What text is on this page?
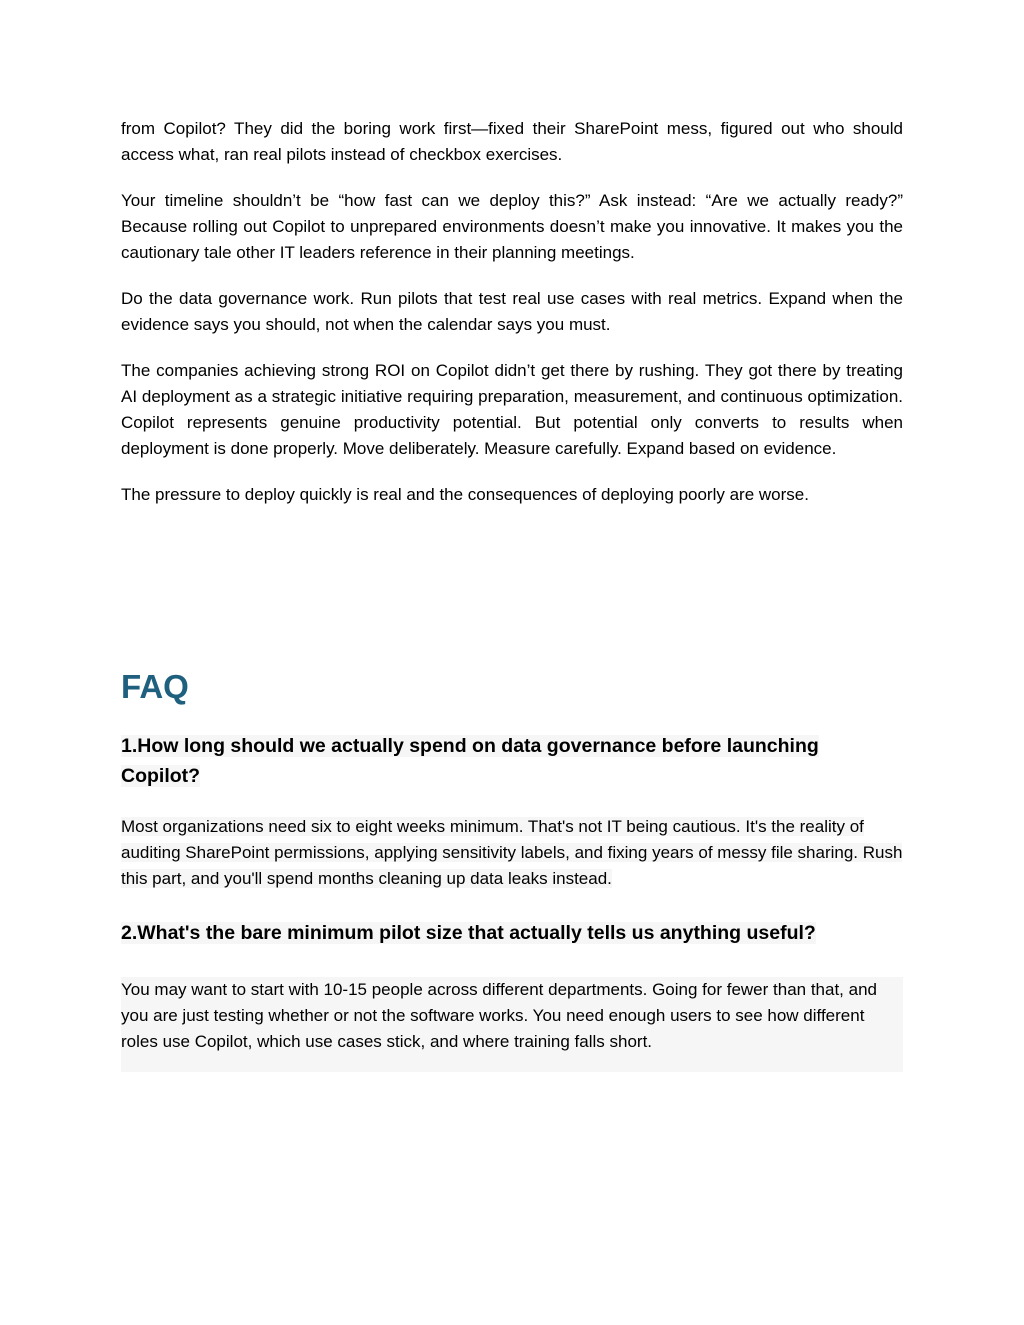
from Copilot? They did the boring work first—fixed their SharePoint mess, figured out who should access what, ran real pilots instead of checkbox exercises.

Your timeline shouldn’t be “how fast can we deploy this?” Ask instead: “Are we actually ready?” Because rolling out Copilot to unprepared environments doesn’t make you innovative. It makes you the cautionary tale other IT leaders reference in their planning meetings.

Do the data governance work. Run pilots that test real use cases with real metrics. Expand when the evidence says you should, not when the calendar says you must.

The companies achieving strong ROI on Copilot didn’t get there by rushing. They got there by treating AI deployment as a strategic initiative requiring preparation, measurement, and continuous optimization. Copilot represents genuine productivity potential. But potential only converts to results when deployment is done properly. Move deliberately. Measure carefully. Expand based on evidence.

The pressure to deploy quickly is real and the consequences of deploying poorly are worse.

FAQ
1.How long should we actually spend on data governance before launching Copilot?

Most organizations need six to eight weeks minimum. That's not IT being cautious. It's the reality of auditing SharePoint permissions, applying sensitivity labels, and fixing years of messy file sharing. Rush this part, and you'll spend months cleaning up data leaks instead.

2.What's the bare minimum pilot size that actually tells us anything useful?

You may want to start with 10-15 people across different departments. Going for fewer than that, and you are just testing whether or not the software works. You need enough users to see how different roles use Copilot, which use cases stick, and where training falls short.
